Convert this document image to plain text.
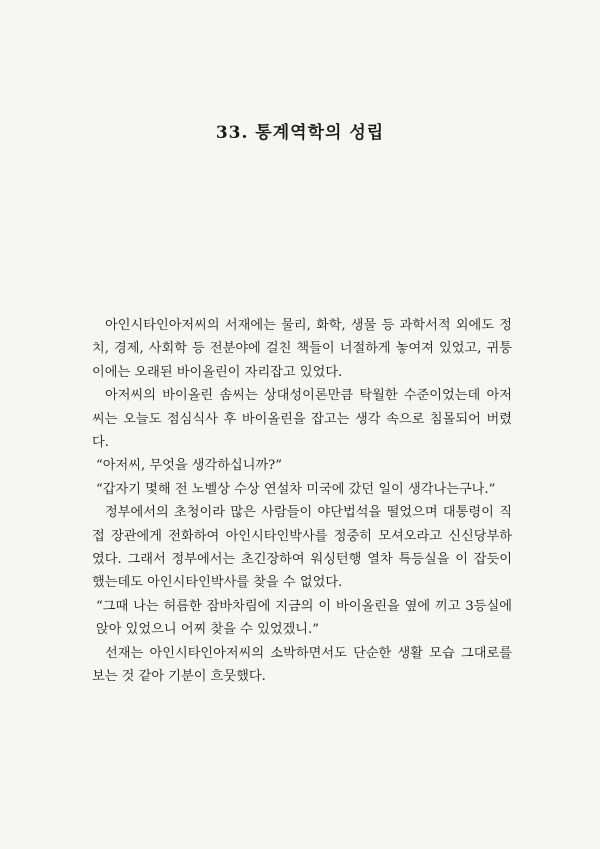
33. 통계역학의 성립

아인시타인아저씨의 서재에는 물리, 화학, 생물 등 과학서적 외에도 정치, 경제, 사회학 등 전분야에 걸친 책들이 너절하게 놓여져 있었고, 귀퉁이에는 오래된 바이올린이 자리잡고 있었다.

아저씨의 바이올린 솜씨는 상대성이론만큼 탁월한 수준이었는데 아저씨는 오늘도 점심식사 후 바이올린을 잡고는 생각 속으로 침몰되어 버렸다.

“아저씨, 무엇을 생각하십니까?”

“갑자기 몇해 전 노벨상 수상 연설차 미국에 갔던 일이 생각나는구나.”

정부에서의 초청이라 많은 사람들이 야단법석을 떨었으며 대통령이 직접 장관에게 전화하여 아인시타인박사를 정중히 모셔오라고 신신당부하였다. 그래서 정부에서는 초긴장하여 워싱턴행 열차 특등실을 이 잡듯이 했는데도 아인시타인박사를 찾을 수 없었다.

“그때 나는 허름한 잠바차림에 지금의 이 바이올린을 옆에 끼고 3등실에 앉아 있었으니 어찌 찾을 수 있었겠니.”

선재는 아인시타인아저씨의 소박하면서도 단순한 생활 모습 그대로를 보는 것 같아 기분이 흐뭇했다.
